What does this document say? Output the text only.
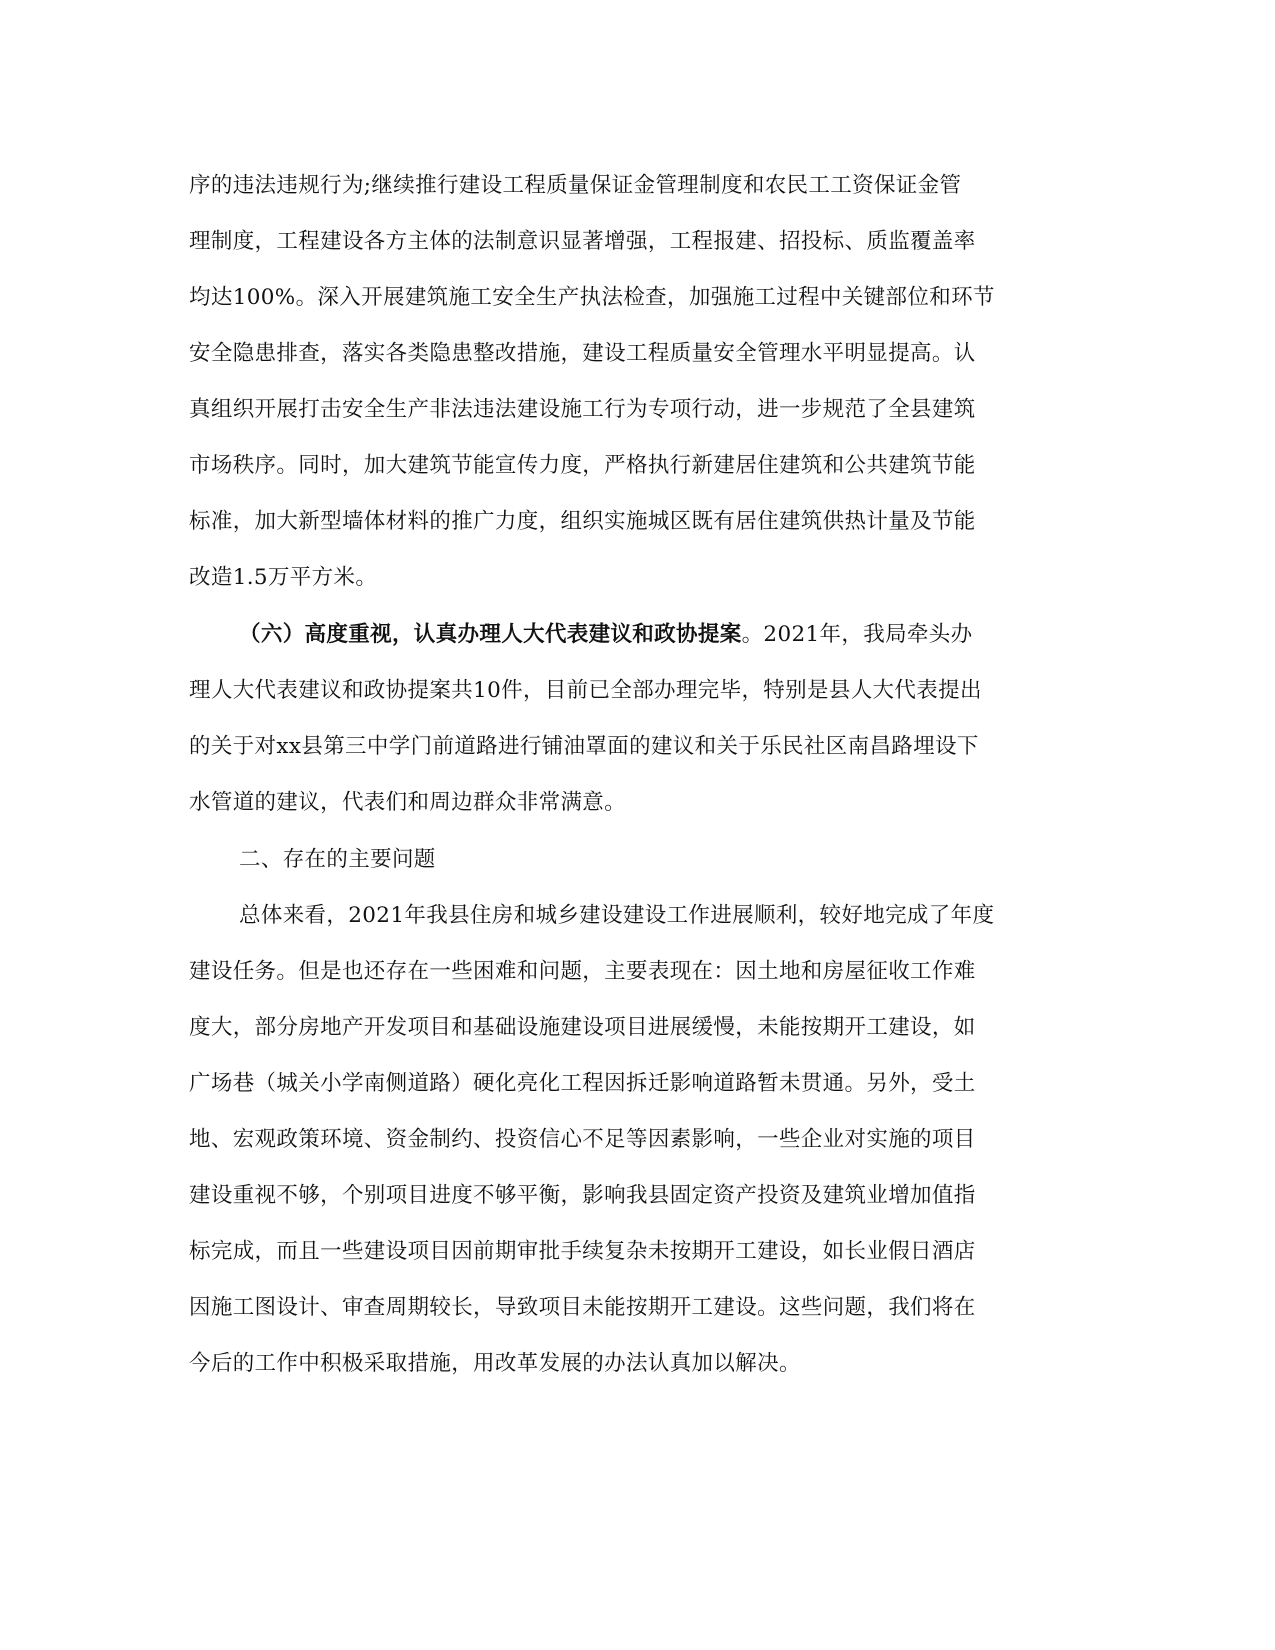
序的违法违规行为;继续推行建设工程质量保证金管理制度和农民工工资保证金管
理制度，工程建设各方主体的法制意识显著增强，工程报建、招投标、质监覆盖率
均达100%。深入开展建筑施工安全生产执法检查，加强施工过程中关键部位和环节
安全隐患排查，落实各类隐患整改措施，建设工程质量安全管理水平明显提高。认
真组织开展打击安全生产非法违法建设施工行为专项行动，进一步规范了全县建筑
市场秩序。同时，加大建筑节能宣传力度，严格执行新建居住建筑和公共建筑节能
标准，加大新型墙体材料的推广力度，组织实施城区既有居住建筑供热计量及节能
改造1.5万平方米。
（六）高度重视，认真办理人大代表建议和政协提案。2021年，我局牵头办
理人大代表建议和政协提案共10件，目前已全部办理完毕，特别是县人大代表提出
的关于对xx县第三中学门前道路进行铺油罩面的建议和关于乐民社区南昌路埋设下
水管道的建议，代表们和周边群众非常满意。
二、存在的主要问题
总体来看，2021年我县住房和城乡建设建设工作进展顺利，较好地完成了年度
建设任务。但是也还存在一些困难和问题，主要表现在：因土地和房屋征收工作难
度大，部分房地产开发项目和基础设施建设项目进展缓慢，未能按期开工建设，如
广场巷（城关小学南侧道路）硬化亮化工程因拆迁影响道路暂未贯通。另外，受土
地、宏观政策环境、资金制约、投资信心不足等因素影响，一些企业对实施的项目
建设重视不够，个别项目进度不够平衡，影响我县固定资产投资及建筑业增加值指
标完成，而且一些建设项目因前期审批手续复杂未按期开工建设，如长业假日酒店
因施工图设计、审查周期较长，导致项目未能按期开工建设。这些问题，我们将在
今后的工作中积极采取措施，用改革发展的办法认真加以解决。
